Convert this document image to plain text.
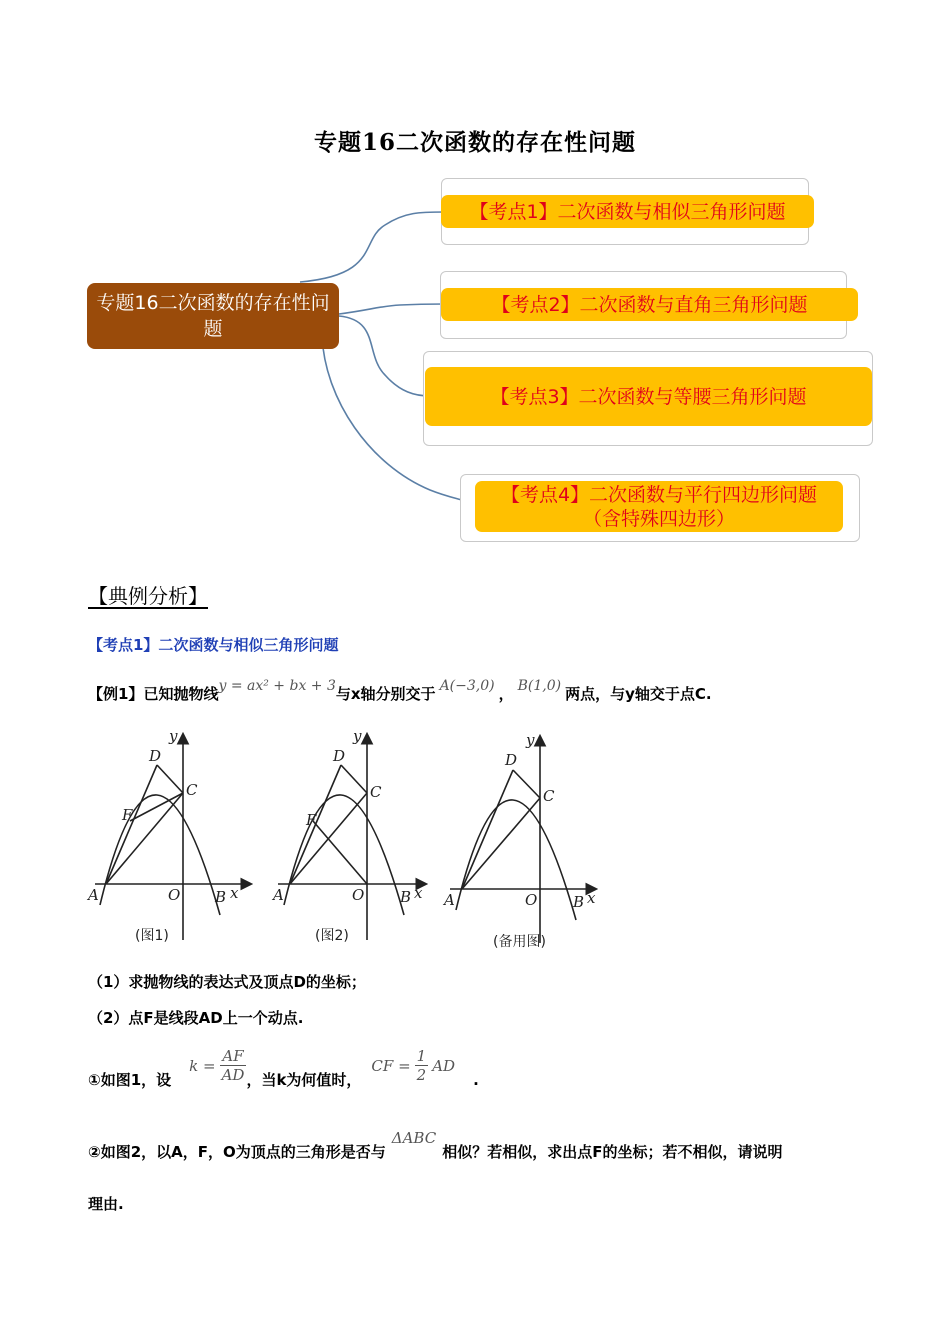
专题16二次函数的存在性问题
专题16二次函数的存在性问题
【考点1】二次函数与相似三角形问题
【考点2】二次函数与直角三角形问题
【考点3】二次函数与等腰三角形问题
【考点4】二次函数与平行四边形问题（含特殊四边形）
【典例分析】
【考点1】二次函数与相似三角形问题
【例1】已知抛物线y = ax² + bx + 3与x轴分别交于 A(−3,0) ， B(1,0) 两点，与y轴交于点C.
y
D
C
F
A	O B x
y
D
C
F
A	O B x
y
D
C
A	O B x
(图1)	(图2)	(备用图)
（1）求抛物线的表达式及顶点D的坐标；
（2）点F是线段AD上一个动点.
①如图1，设
$k = \frac{AF}{AD}$ ，当k为何值时，
CF = $\frac{1}{2}$ AD
.
②如图2，以A，F，O为顶点的三角形是否与ΔABC相似？若相似，求出点F的坐标；若不相似，请说明
理由.
